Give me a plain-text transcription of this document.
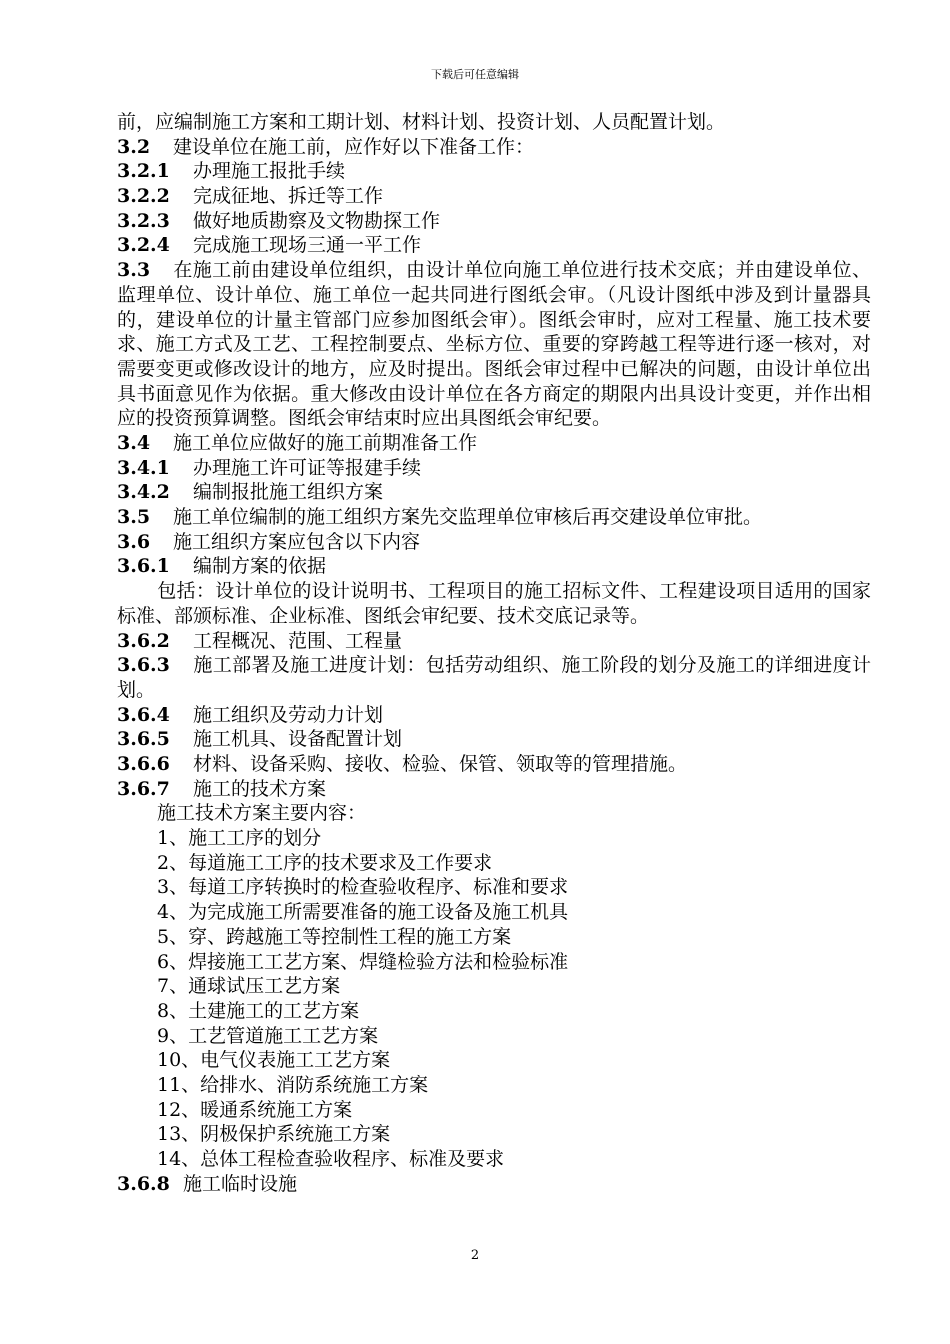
下载后可任意编辑
前，应编制施工方案和工期计划、材料计划、投资计划、人员配置计划。
3.2 建设单位在施工前，应作好以下准备工作：
3.2.1 办理施工报批手续
3.2.2 完成征地、拆迁等工作
3.2.3 做好地质勘察及文物勘探工作
3.2.4 完成施工现场三通一平工作
3.3 在施工前由建设单位组织，由设计单位向施工单位进行技术交底；并由建设单位、监理单位、设计单位、施工单位一起共同进行图纸会审。（凡设计图纸中涉及到计量器具的，建设单位的计量主管部门应参加图纸会审）。图纸会审时，应对工程量、施工技术要求、施工方式及工艺、工程控制要点、坐标方位、重要的穿跨越工程等进行逐一核对，对需要变更或修改设计的地方，应及时提出。图纸会审过程中已解决的问题，由设计单位出具书面意见作为依据。重大修改由设计单位在各方商定的期限内出具设计变更，并作出相应的投资预算调整。图纸会审结束时应出具图纸会审纪要。
3.4 施工单位应做好的施工前期准备工作
3.4.1 办理施工许可证等报建手续
3.4.2 编制报批施工组织方案
3.5 施工单位编制的施工组织方案先交监理单位审核后再交建设单位审批。
3.6 施工组织方案应包含以下内容
3.6.1 编制方案的依据
包括：设计单位的设计说明书、工程项目的施工招标文件、工程建设项目适用的国家标准、部颁标准、企业标准、图纸会审纪要、技术交底记录等。
3.6.2 工程概况、范围、工程量
3.6.3 施工部署及施工进度计划：包括劳动组织、施工阶段的划分及施工的详细进度计划。
3.6.4 施工组织及劳动力计划
3.6.5 施工机具、设备配置计划
3.6.6 材料、设备采购、接收、检验、保管、领取等的管理措施。
3.6.7 施工的技术方案
施工技术方案主要内容：
1、施工工序的划分
2、每道施工工序的技术要求及工作要求
3、每道工序转换时的检查验收程序、标准和要求
4、为完成施工所需要准备的施工设备及施工机具
5、穿、跨越施工等控制性工程的施工方案
6、焊接施工工艺方案、焊缝检验方法和检验标准
7、通球试压工艺方案
8、土建施工的工艺方案
9、工艺管道施工工艺方案
10、电气仪表施工工艺方案
11、给排水、消防系统施工方案
12、暖通系统施工方案
13、阴极保护系统施工方案
14、总体工程检查验收程序、标准及要求
3.6.8 施工临时设施
2
